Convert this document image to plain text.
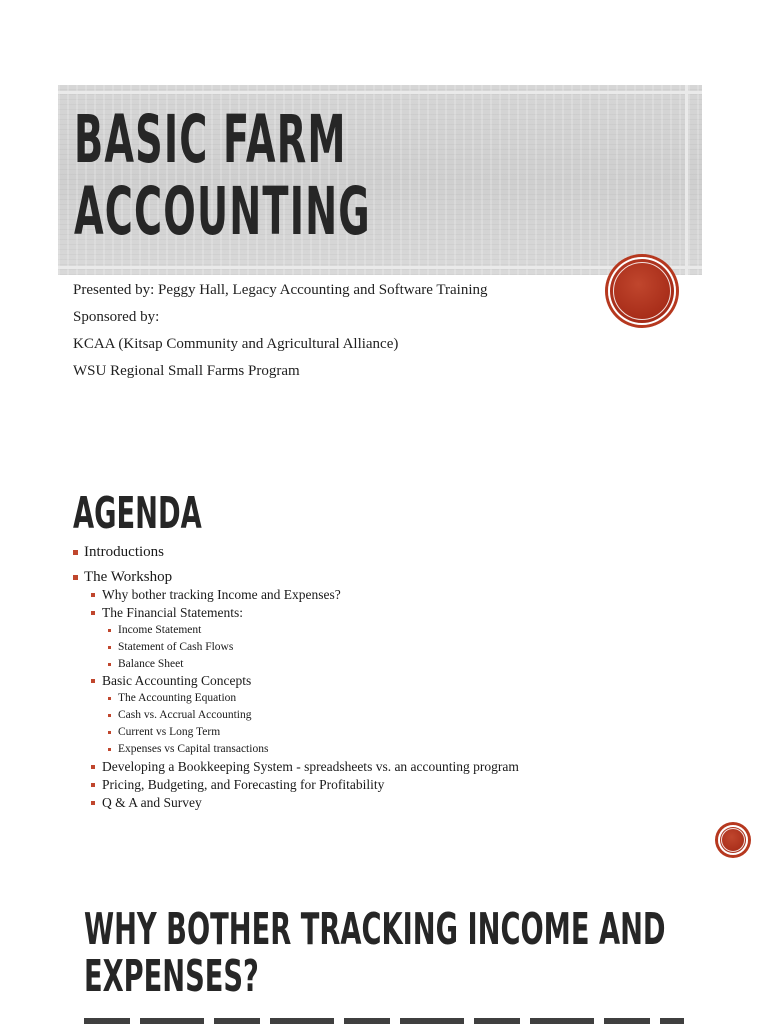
BASIC FARM
ACCOUNTING
Presented by: Peggy Hall, Legacy Accounting and Software Training
Sponsored by:
KCAA (Kitsap Community and Agricultural Alliance)
WSU Regional Small Farms Program
AGENDA
Introductions
The Workshop
Why bother tracking Income and Expenses?
The Financial Statements:
Income Statement
Statement of Cash Flows
Balance Sheet
Basic Accounting Concepts
The Accounting Equation
Cash vs. Accrual Accounting
Current vs Long Term
Expenses vs Capital transactions
Developing a Bookkeeping System - spreadsheets vs. an accounting program
Pricing, Budgeting, and Forecasting for Profitability
Q & A and Survey
WHY BOTHER TRACKING INCOME AND
EXPENSES?
